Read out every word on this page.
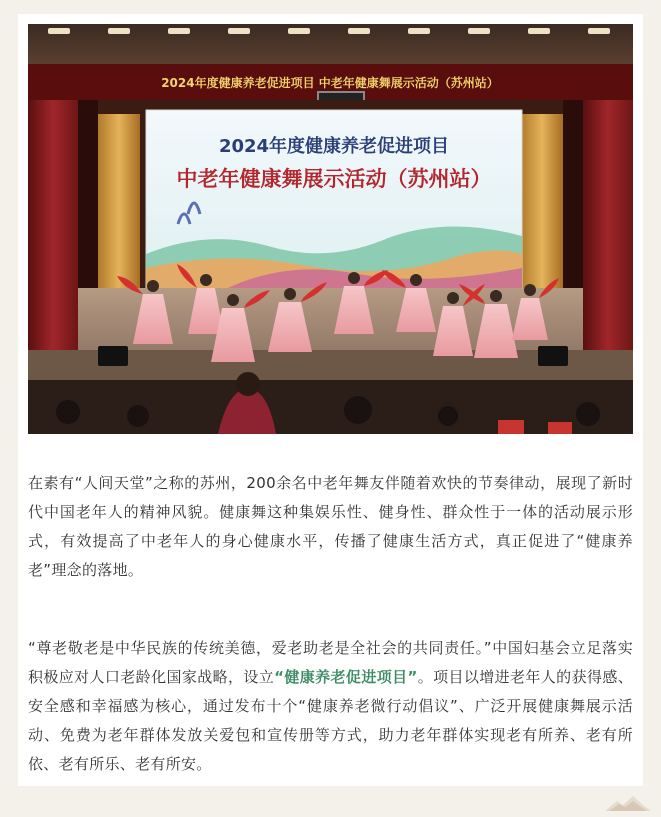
2024年度健康养老促进项目 中老年健康舞展示活动（苏州站）
2024年度健康养老促进项目
中老年健康舞展示活动（苏州站）

在素有“人间天堂”之称的苏州，200余名中老年舞友伴随着欢快的节奏律动，展现了新时代中国老年人的精神风貌。健康舞这种集娱乐性、健身性、群众性于一体的活动展示形式，有效提高了中老年人的身心健康水平，传播了健康生活方式，真正促进了“健康养老”理念的落地。

“尊老敬老是中华民族的传统美德，爱老助老是全社会的共同责任。”中国妇基会立足落实积极应对人口老龄化国家战略，设立“健康养老促进项目”。项目以增进老年人的获得感、安全感和幸福感为核心，通过发布十个“健康养老微行动倡议”、广泛开展健康舞展示活动、免费为老年群体发放关爱包和宣传册等方式，助力老年群体实现老有所养、老有所依、老有所乐、老有所安。
